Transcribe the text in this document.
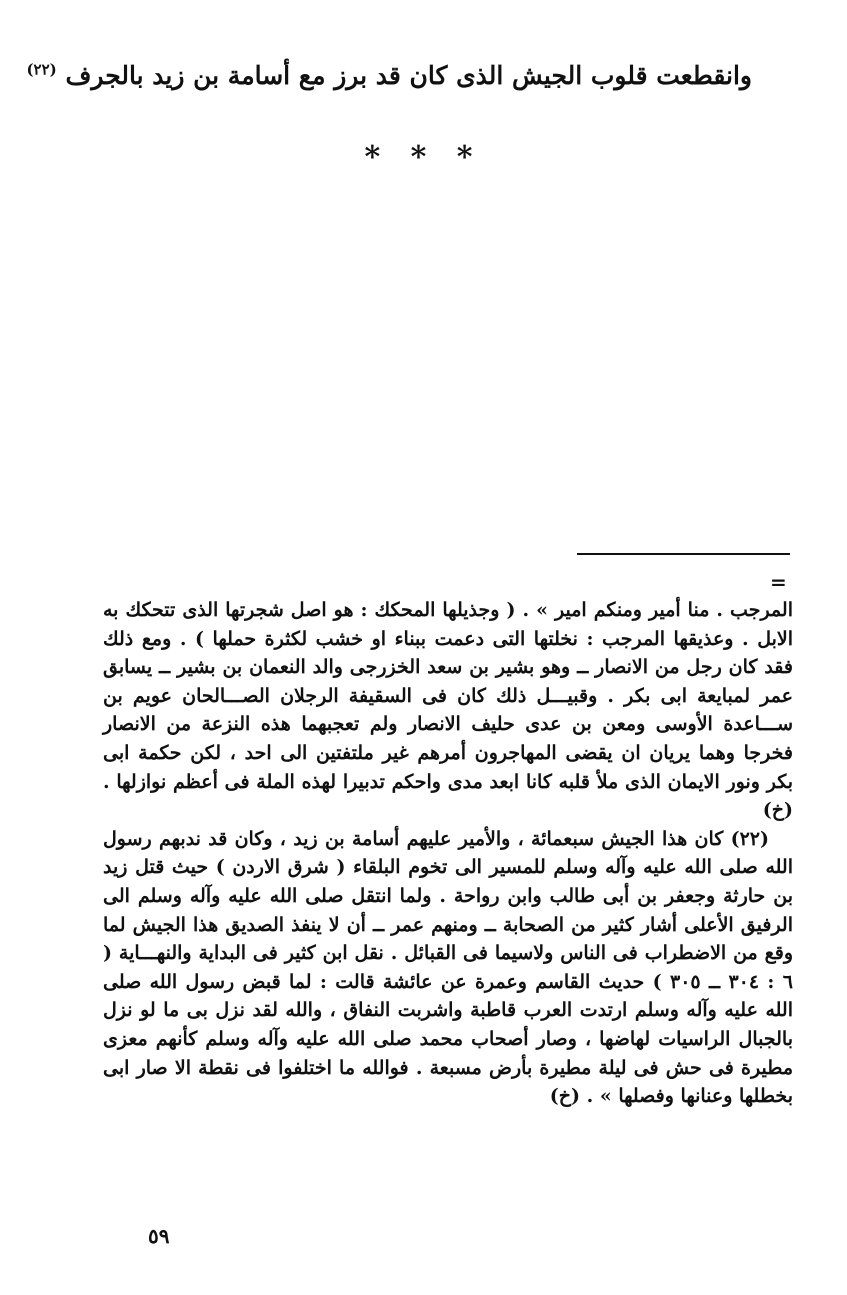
وانقطعت قلوب الجيش الذى كان قد برز مع أسامة بن زيد بالجرف $^{(٢٢)}$
* * *
=

المرجب . منا أمير ومنكم امير » . ( وجذيلها المحكك : هو اصل شجرتها الذى تتحكك به الابل . وعذيقها المرجب : نخلتها التى دعمت ببناء او خشب لكثرة حملها ) . ومع ذلك فقد كان رجل من الانصار ــ وهو بشير بن سعد الخزرجى والد النعمان بن بشير ــ يسابق عمر لمبايعة ابى بكر . وقبيـــل ذلك كان فى السقيفة الرجلان الصـــالحان عويم بن ســـاعدة الأوسى ومعن بن عدى حليف الانصار ولم تعجبهما هذه النزعة من الانصار فخرجا وهما يريان ان يقضى المهاجرون أمرهم غير ملتفتين الى احد ، لكن حكمة ابى بكر ونور الايمان الذى ملأ قلبه كانا ابعد مدى واحكم تدبيرا لهذه الملة فى أعظم نوازلها . (خ)

(٢٢) كان هذا الجيش سبعمائة ، والأمير عليهم أسامة بن زيد ، وكان قد ندبهم رسول الله صلى الله عليه وآله وسلم للمسير الى تخوم البلقاء ( شرق الاردن ) حيث قتل زيد بن حارثة وجعفر بن أبى طالب وابن رواحة . ولما انتقل صلى الله عليه وآله وسلم الى الرفيق الأعلى أشار كثير من الصحابة ــ ومنهم عمر ــ أن لا ينفذ الصديق هذا الجيش لما وقع من الاضطراب فى الناس ولاسيما فى القبائل . نقل ابن كثير فى البداية والنهـــاية ( ٦ : ٣٠٤ ــ ٣٠٥ ) حديث القاسم وعمرة عن عائشة قالت : لما قبض رسول الله صلى الله عليه وآله وسلم ارتدت العرب قاطبة واشربت النفاق ، والله لقد نزل بى ما لو نزل بالجبال الراسيات لهاضها ، وصار أصحاب محمد صلى الله عليه وآله وسلم كأنهم معزى مطيرة فى حش فى ليلة مطيرة بأرض مسبعة . فوالله ما اختلفوا فى نقطة الا صار ابى بخطلها وعنانها وفصلها » . (خ)

٥٩
